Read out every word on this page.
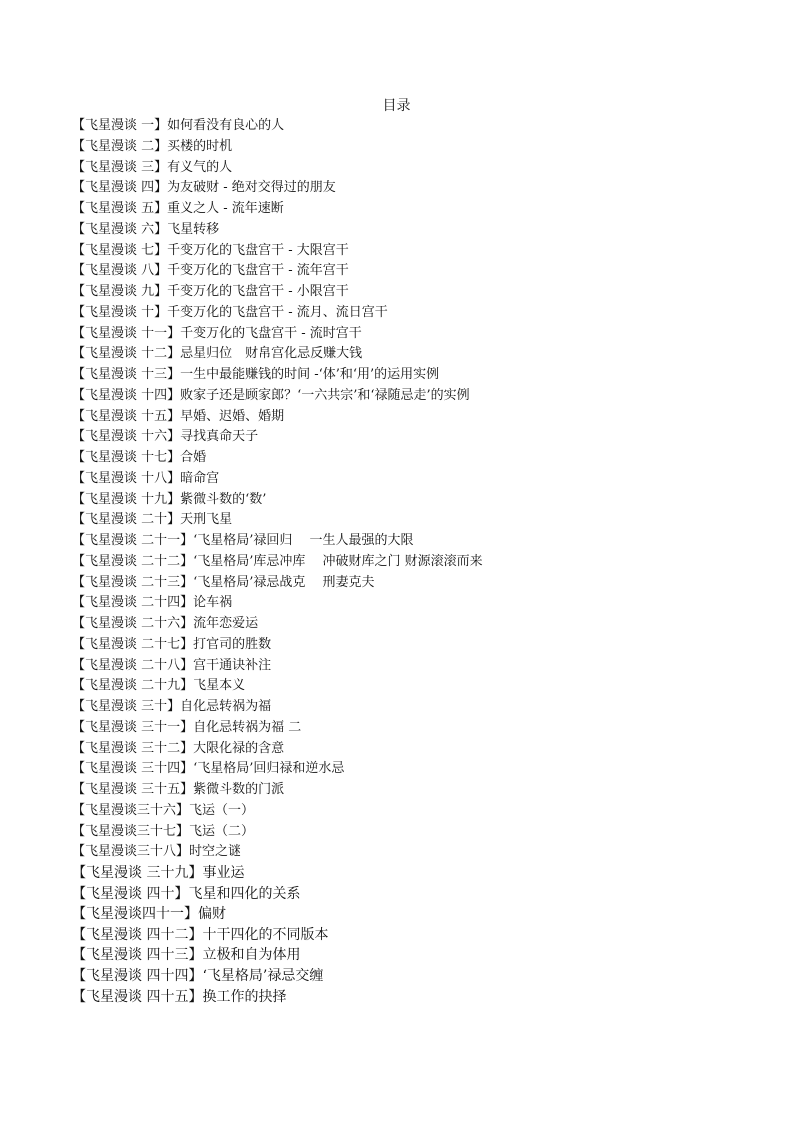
目录
【飞星漫谈 一】如何看没有良心的人
【飞星漫谈 二】买楼的时机
【飞星漫谈 三】有义气的人
【飞星漫谈 四】为友破财 - 绝对交得过的朋友
【飞星漫谈 五】重义之人 - 流年速断
【飞星漫谈 六】飞星转移
【飞星漫谈 七】千变万化的飞盘宫干 - 大限宫干
【飞星漫谈 八】千变万化的飞盘宫干 - 流年宫干
【飞星漫谈 九】千变万化的飞盘宫干 - 小限宫干
【飞星漫谈 十】千变万化的飞盘宫干 - 流月、流日宫干
【飞星漫谈 十一】千变万化的飞盘宫干 - 流时宫干
【飞星漫谈 十二】忌星归位　财帛宫化忌反赚大钱
【飞星漫谈 十三】一生中最能赚钱的时间 -‘体’和‘用’的运用实例
【飞星漫谈 十四】败家子还是顾家郎？‘一六共宗’和‘禄随忌走’的实例
【飞星漫谈 十五】早婚、迟婚、婚期
【飞星漫谈 十六】寻找真命天子
【飞星漫谈 十七】合婚
【飞星漫谈 十八】暗命宫
【飞星漫谈 十九】紫微斗数的‘数’
【飞星漫谈 二十】天刑飞星
【飞星漫谈 二十一】‘飞星格局’禄回归　 一生人最强的大限
【飞星漫谈 二十二】‘飞星格局’库忌冲库　 冲破财库之门 财源滚滚而来
【飞星漫谈 二十三】‘飞星格局’禄忌战克　 刑妻克夫
【飞星漫谈 二十四】论车祸
【飞星漫谈 二十六】流年恋爱运
【飞星漫谈 二十七】打官司的胜数
【飞星漫谈 二十八】宫干通诀补注
【飞星漫谈 二十九】飞星本义
【飞星漫谈 三十】自化忌转祸为福
【飞星漫谈 三十一】自化忌转祸为福 二
【飞星漫谈 三十二】大限化禄的含意
【飞星漫谈 三十四】‘飞星格局’回归禄和逆水忌
【飞星漫谈 三十五】紫微斗数的门派
【飞星漫谈三十六】飞运（一）
【飞星漫谈三十七】飞运（二）
【飞星漫谈三十八】时空之谜
【飞星漫谈 三十九】事业运
【飞星漫谈 四十】飞星和四化的关系
【飞星漫谈四十一】偏财
【飞星漫谈 四十二】十干四化的不同版本
【飞星漫谈 四十三】立极和自为体用
【飞星漫谈 四十四】‘飞星格局’禄忌交缠
【飞星漫谈 四十五】换工作的抉择
